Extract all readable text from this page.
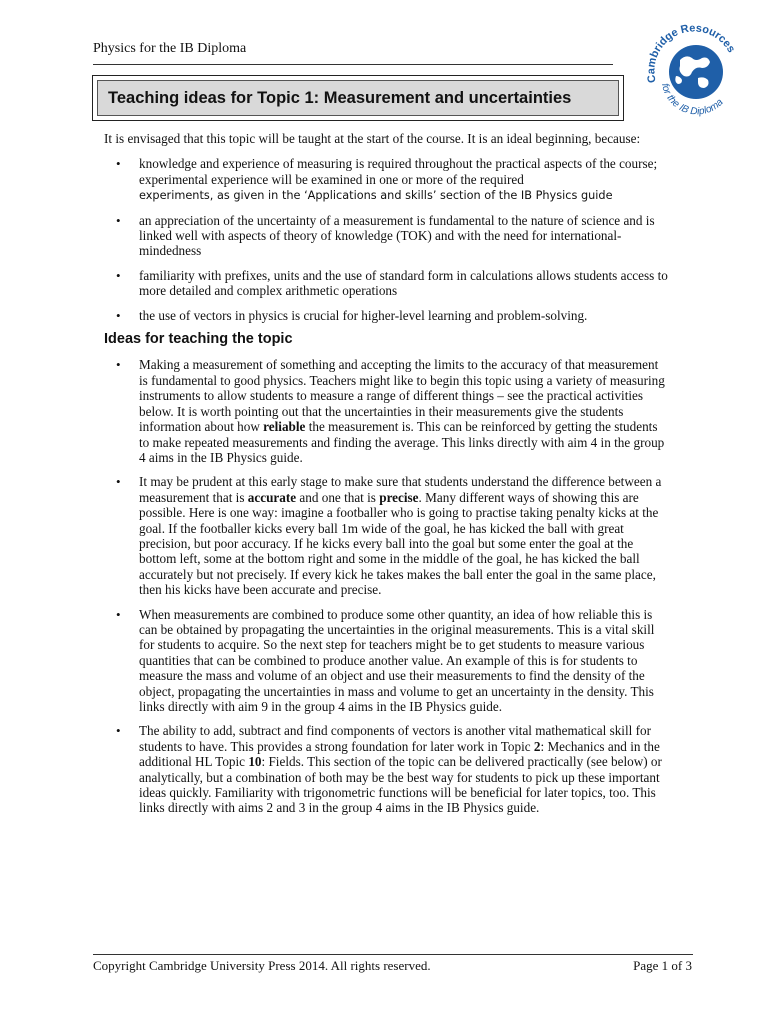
Physics for the IB Diploma
Cambridge Resources
for the IB Diploma
Teaching ideas for Topic 1: Measurement and uncertainties

It is envisaged that this topic will be taught at the start of the course. It is an ideal beginning, because:

• knowledge and experience of measuring is required throughout the practical aspects of the course; experimental experience will be examined in one or more of the required
experiments, as given in the ‘Applications and skills’ section of the IB Physics guide
• an appreciation of the uncertainty of a measurement is fundamental to the nature of science and is linked well with aspects of theory of knowledge (TOK) and with the need for international-mindedness
• familiarity with prefixes, units and the use of standard form in calculations allows students access to more detailed and complex arithmetic operations
• the use of vectors in physics is crucial for higher-level learning and problem-solving.
Ideas for teaching the topic
• Making a measurement of something and accepting the limits to the accuracy of that measurement is fundamental to good physics. Teachers might like to begin this topic using a variety of measuring instruments to allow students to measure a range of different things – see the practical activities below. It is worth pointing out that the uncertainties in their measurements give the students information about how reliable the measurement is. This can be reinforced by getting the students to make repeated measurements and finding the average. This links directly with aim 4 in the group 4 aims in the IB Physics guide.
• It may be prudent at this early stage to make sure that students understand the difference between a measurement that is accurate and one that is precise. Many different ways of showing this are possible. Here is one way: imagine a footballer who is going to practise taking penalty kicks at the goal. If the footballer kicks every ball 1m wide of the goal, he has kicked the ball with great precision, but poor accuracy. If he kicks every ball into the goal but some enter the goal at the bottom left, some at the bottom right and some in the middle of the goal, he has kicked the ball accurately but not precisely. If every kick he takes makes the ball enter the goal in the same place, then his kicks have been accurate and precise.
• When measurements are combined to produce some other quantity, an idea of how reliable this is can be obtained by propagating the uncertainties in the original measurements. This is a vital skill for students to acquire. So the next step for teachers might be to get students to measure various quantities that can be combined to produce another value. An example of this is for students to measure the mass and volume of an object and use their measurements to find the density of the object, propagating the uncertainties in mass and volume to get an uncertainty in the density. This links directly with aim 9 in the group 4 aims in the IB Physics guide.
• The ability to add, subtract and find components of vectors is another vital mathematical skill for students to have. This provides a strong foundation for later work in Topic 2: Mechanics and in the additional HL Topic 10: Fields. This section of the topic can be delivered practically (see below) or analytically, but a combination of both may be the best way for students to pick up these important ideas quickly. Familiarity with trigonometric functions will be beneficial for later topics, too. This links directly with aims 2 and 3 in the group 4 aims in the IB Physics guide.
Copyright Cambridge University Press 2014. All rights reserved.	Page 1 of 3
